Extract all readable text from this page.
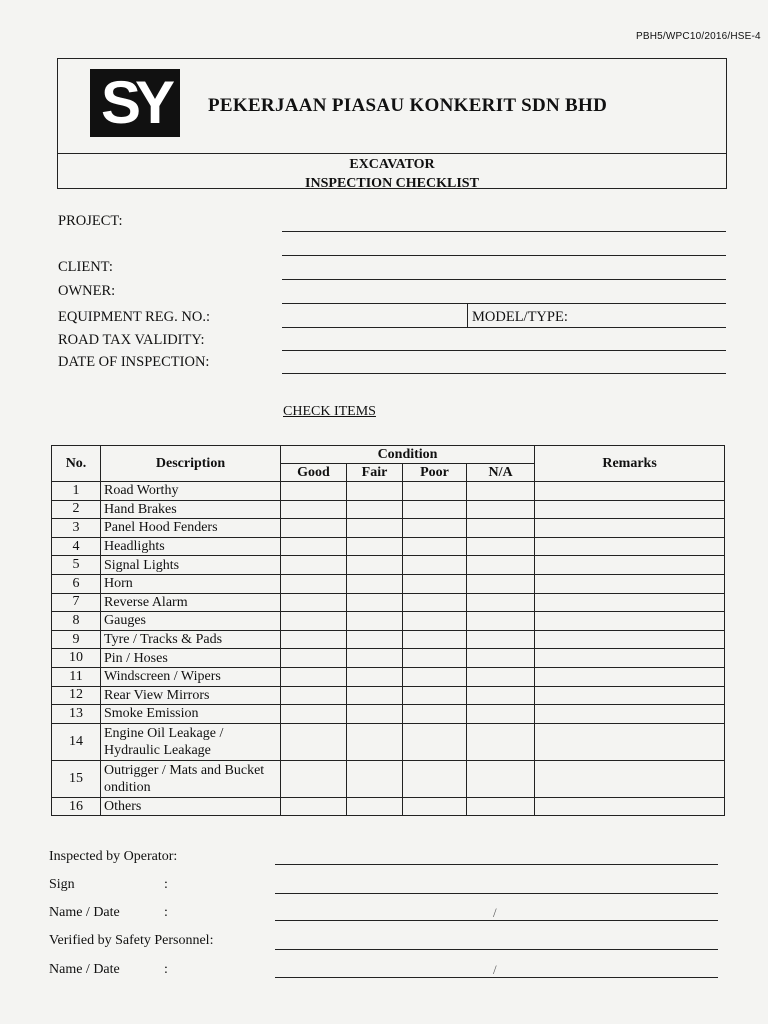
PBH5/WPC10/2016/HSE-4
SY	PEKERJAAN PIASAU KONKERIT SDN BHD
EXCAVATOR
INSPECTION CHECKLIST
PROJECT:
CLIENT:
OWNER:
EQUIPMENT REG. NO.:	MODEL/TYPE:
ROAD TAX VALIDITY:
DATE OF INSPECTION:
CHECK ITEMS
No.	Description	Condition				Remarks
		Good	Fair	Poor	N/A	
1	Road Worthy					
2	Hand Brakes					
3	Panel Hood Fenders					
4	Headlights					
5	Signal Lights					
6	Horn					
7	Reverse Alarm					
8	Gauges					
9	Tyre / Tracks & Pads					
10	Pin / Hoses					
11	Windscreen / Wipers					
12	Rear View Mirrors					
13	Smoke Emission					
14	Engine Oil Leakage / Hydraulic Leakage					
15	Outrigger / Mats and Bucket ondition					
16	Others					
Inspected by Operator:
Sign	:
Name / Date	:	/
Verified by Safety Personnel:
Name / Date	:	/
